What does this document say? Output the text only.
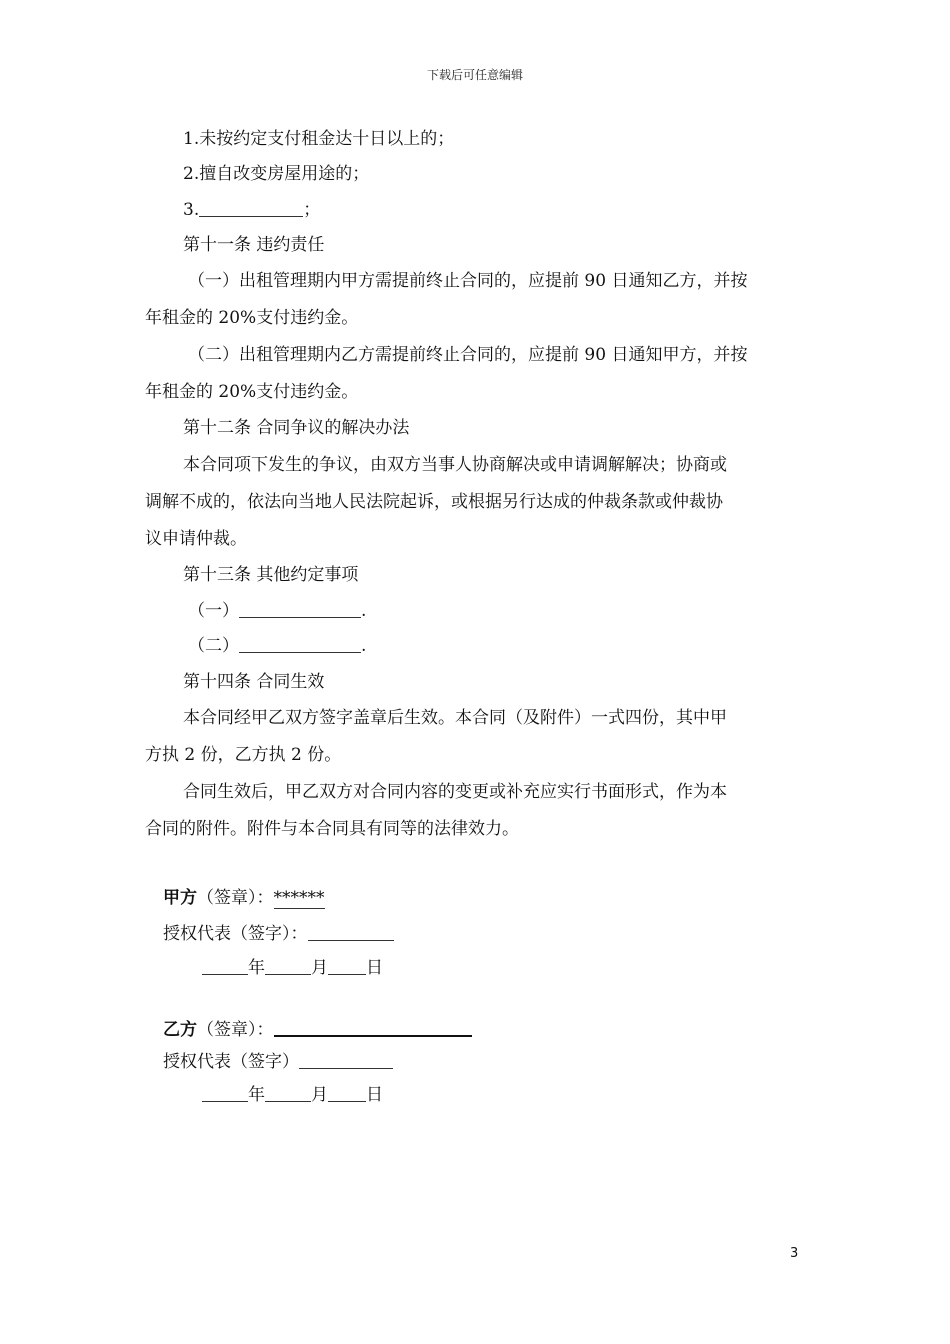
下载后可任意编辑
1.未按约定支付租金达十日以上的；
2.擅自改变房屋用途的；
3.	；
第十一条 违约责任
（一）出租管理期内甲方需提前终止合同的，应提前 90 日通知乙方，并按
年租金的 20%支付违约金。
（二）出租管理期内乙方需提前终止合同的，应提前 90 日通知甲方，并按
年租金的 20%支付违约金。
第十二条 合同争议的解决办法
本合同项下发生的争议，由双方当事人协商解决或申请调解解决；协商或
调解不成的，依法向当地人民法院起诉，或根据另行达成的仲裁条款或仲裁协
议申请仲裁。
第十三条 其他约定事项
（一）	.
（二）	.
第十四条 合同生效
本合同经甲乙双方签字盖章后生效。本合同（及附件）一式四份，其中甲
方执 2 份，乙方执 2 份。
合同生效后，甲乙双方对合同内容的变更或补充应实行书面形式，作为本
合同的附件。附件与本合同具有同等的法律效力。
甲方（签章）：******
授权代表（签字）：
年	月 日
乙方（签章）：
授权代表（签字）
年	月 日
3
